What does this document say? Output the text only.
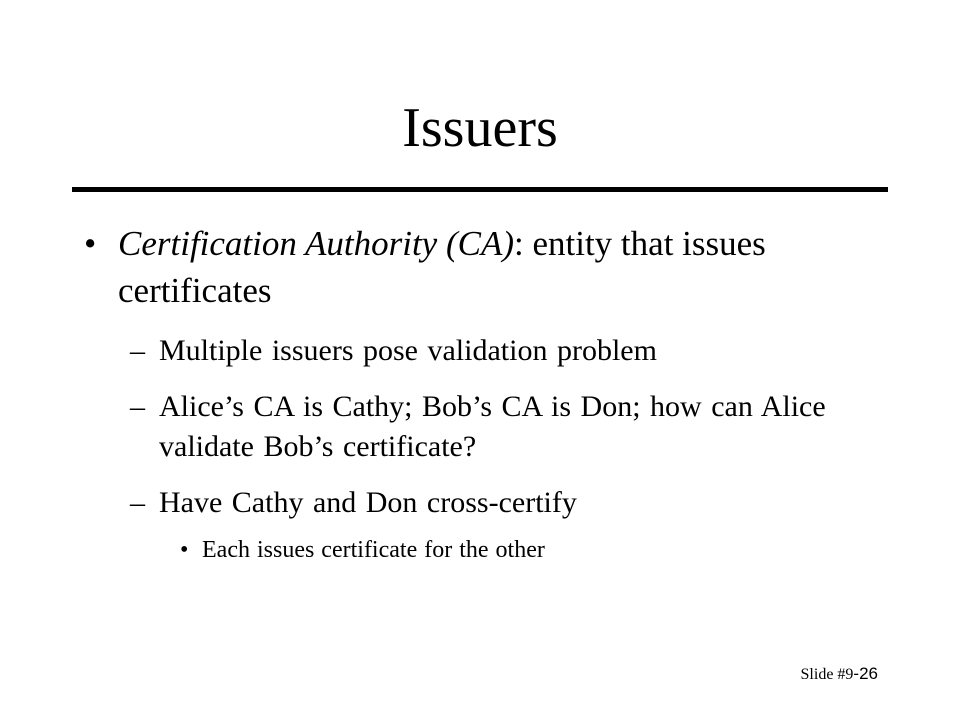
Issuers
• Certification Authority (CA): entity that issues certificates
– Multiple issuers pose validation problem
– Alice’s CA is Cathy; Bob’s CA is Don; how can Alice validate Bob’s certificate?
– Have Cathy and Don cross-certify
• Each issues certificate for the other
Slide #9-26
